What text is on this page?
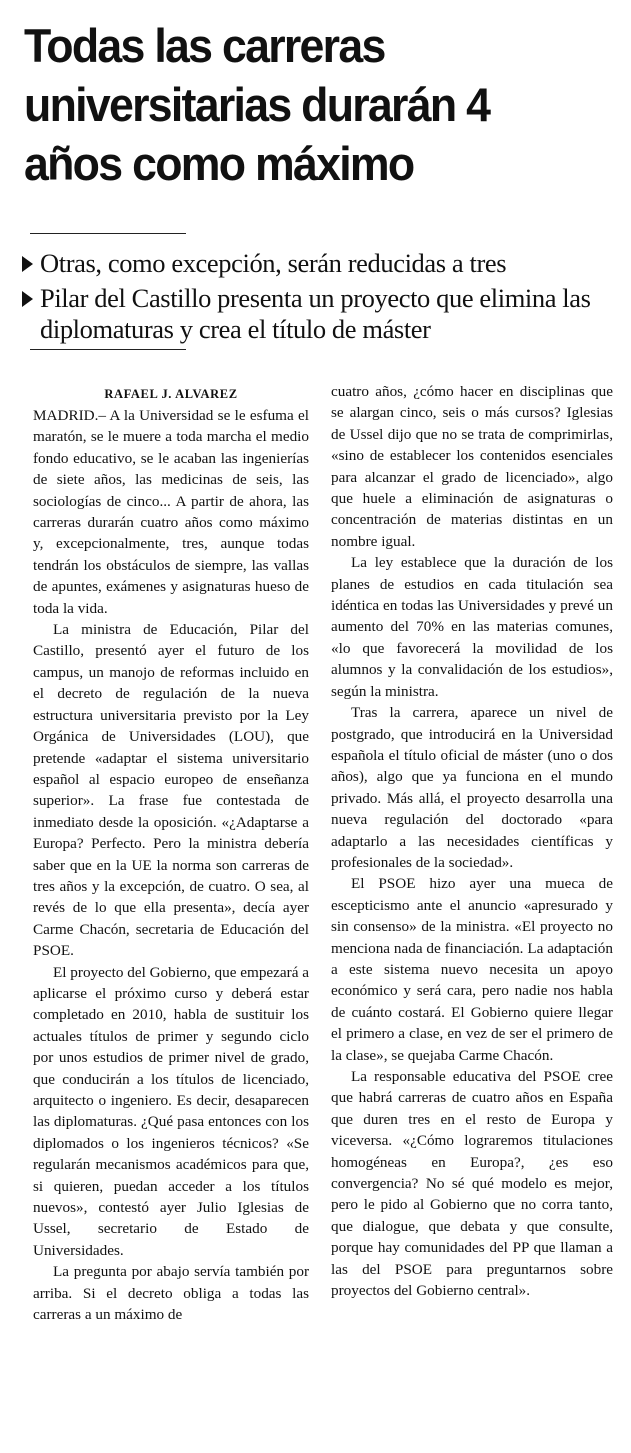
Todas las carreras universitarias durarán 4 años como máximo
Otras, como excepción, serán reducidas a tres
Pilar del Castillo presenta un proyecto que elimina las diplomaturas y crea el título de máster
RAFAEL J. ALVAREZ

MADRID.– A la Universidad se le esfuma el maratón, se le muere a toda marcha el medio fondo educativo, se le acaban las ingenierías de siete años, las medicinas de seis, las sociologías de cinco... A partir de ahora, las carreras durarán cuatro años como máximo y, excepcionalmente, tres, aunque todas tendrán los obstáculos de siempre, las vallas de apuntes, exámenes y asignaturas hueso de toda la vida.

La ministra de Educación, Pilar del Castillo, presentó ayer el futuro de los campus, un manojo de reformas incluido en el decreto de regulación de la nueva estructura universitaria previsto por la Ley Orgánica de Universidades (LOU), que pretende «adaptar el sistema universitario español al espacio europeo de enseñanza superior». La frase fue contestada de inmediato desde la oposición. «¿Adaptarse a Europa? Perfecto. Pero la ministra debería saber que en la UE la norma son carreras de tres años y la excepción, de cuatro. O sea, al revés de lo que ella presenta», decía ayer Carme Chacón, secretaria de Educación del PSOE.

El proyecto del Gobierno, que empezará a aplicarse el próximo curso y deberá estar completado en 2010, habla de sustituir los actuales títulos de primer y segundo ciclo por unos estudios de primer nivel de grado, que conducirán a los títulos de licenciado, arquitecto o ingeniero. Es decir, desaparecen las diplomaturas. ¿Qué pasa entonces con los diplomados o los ingenieros técnicos? «Se regularán mecanismos académicos para que, si quieren, puedan acceder a los títulos nuevos», contestó ayer Julio Iglesias de Ussel, secretario de Estado de Universidades.

La pregunta por abajo servía también por arriba. Si el decreto obliga a todas las carreras a un máximo de

cuatro años, ¿cómo hacer en disciplinas que se alargan cinco, seis o más cursos? Iglesias de Ussel dijo que no se trata de comprimirlas, «sino de establecer los contenidos esenciales para alcanzar el grado de licenciado», algo que huele a eliminación de asignaturas o concentración de materias distintas en un nombre igual.

La ley establece que la duración de los planes de estudios en cada titulación sea idéntica en todas las Universidades y prevé un aumento del 70% en las materias comunes, «lo que favorecerá la movilidad de los alumnos y la convalidación de los estudios», según la ministra.

Tras la carrera, aparece un nivel de postgrado, que introducirá en la Universidad española el título oficial de máster (uno o dos años), algo que ya funciona en el mundo privado. Más allá, el proyecto desarrolla una nueva regulación del doctorado «para adaptarlo a las necesidades científicas y profesionales de la sociedad».

El PSOE hizo ayer una mueca de escepticismo ante el anuncio «apresurado y sin consenso» de la ministra. «El proyecto no menciona nada de financiación. La adaptación a este sistema nuevo necesita un apoyo económico y será cara, pero nadie nos habla de cuánto costará. El Gobierno quiere llegar el primero a clase, en vez de ser el primero de la clase», se quejaba Carme Chacón.

La responsable educativa del PSOE cree que habrá carreras de cuatro años en España que duren tres en el resto de Europa y viceversa. «¿Cómo lograremos titulaciones homogéneas en Europa?, ¿es eso convergencia? No sé qué modelo es mejor, pero le pido al Gobierno que no corra tanto, que dialogue, que debata y que consulte, porque hay comunidades del PP que llaman a las del PSOE para preguntarnos sobre proyectos del Gobierno central».
